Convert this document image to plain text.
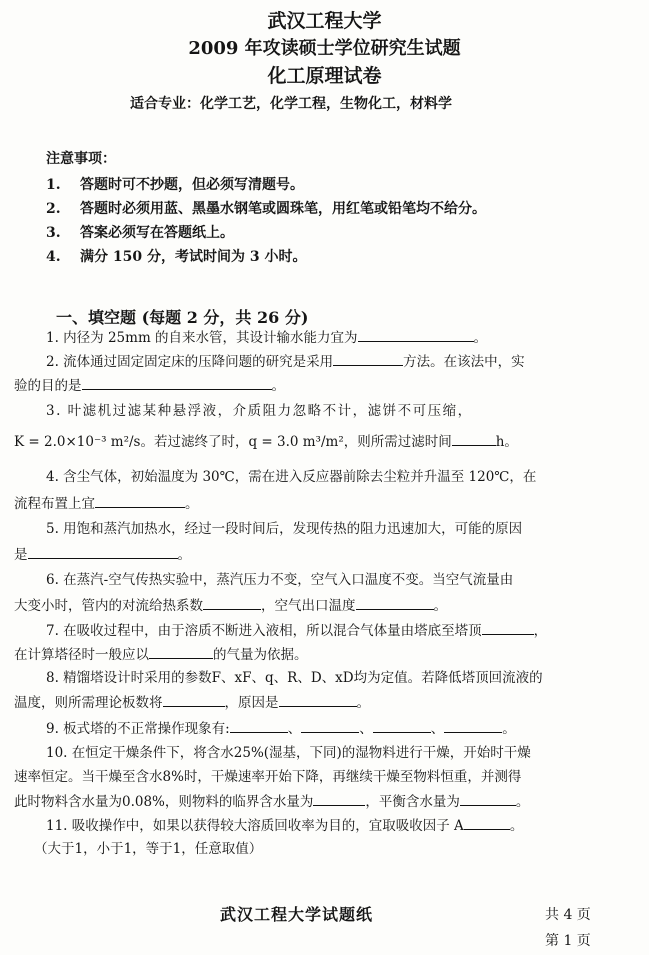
武汉工程大学
2009 年攻读硕士学位研究生试题
化工原理试卷
适合专业：化学工艺，化学工程，生物化工，材料学
注意事项：
1. 答题时可不抄题，但必须写清题号。
2. 答题时必须用蓝、黑墨水钢笔或圆珠笔，用红笔或铅笔均不给分。
3. 答案必须写在答题纸上。
4. 满分 150 分，考试时间为 3 小时。
一、填空题 (每题 2 分，共 26 分)
1. 内径为 25mm 的自来水管，其设计输水能力宜为	。
2. 流体通过固定固定床的压降问题的研究是采用	方法。在该法中，实
验的目的是	。
3. 叶滤机过滤某种悬浮液，介质阻力忽略不计，滤饼不可压缩，
K = 2.0×10⁻³ m²/s。若过滤终了时，q = 3.0 m³/m²，则所需过滤时间	h。
4. 含尘气体，初始温度为 30℃，需在进入反应器前除去尘粒并升温至 120℃，在
流程布置上宜	。
5. 用饱和蒸汽加热水，经过一段时间后，发现传热的阻力迅速加大，可能的原因
是	。
6. 在蒸汽-空气传热实验中，蒸汽压力不变，空气入口温度不变。当空气流量由
大变小时，管内的对流给热系数	，空气出口温度	。
7. 在吸收过程中，由于溶质不断进入液相，所以混合气体量由塔底至塔顶	，
在计算塔径时一般应以	的气量为依据。
8. 精馏塔设计时采用的参数F、xF、q、R、D、xD均为定值。若降低塔顶回流液的
温度，则所需理论板数将	，原因是	。
9. 板式塔的不正常操作现象有:	、	、	、	。
10. 在恒定干燥条件下，将含水25%(湿基，下同)的湿物料进行干燥，开始时干燥
速率恒定。当干燥至含水8%时，干燥速率开始下降，再继续干燥至物料恒重，并测得
此时物料含水量为0.08%，则物料的临界含水量为	，平衡含水量为	。
11. 吸收操作中，如果以获得较大溶质回收率为目的，宜取吸收因子 A	。
（大于1，小于1，等于1，任意取值）
武汉工程大学试题纸	共 4 页
第 1 页
